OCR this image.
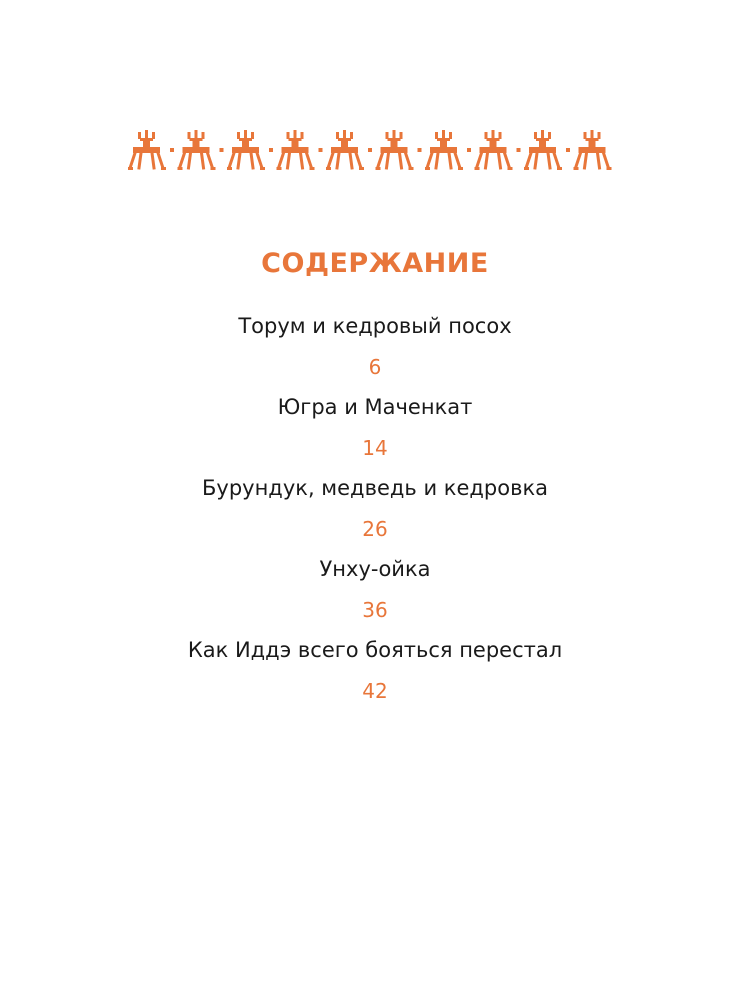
СОДЕРЖАНИЕ
Торум и кедровый посох
6
Югра и Маченкат
14
Бурундук, медведь и кедровка
26
Унху-ойка
36
Как Иддэ всего бояться перестал
42
